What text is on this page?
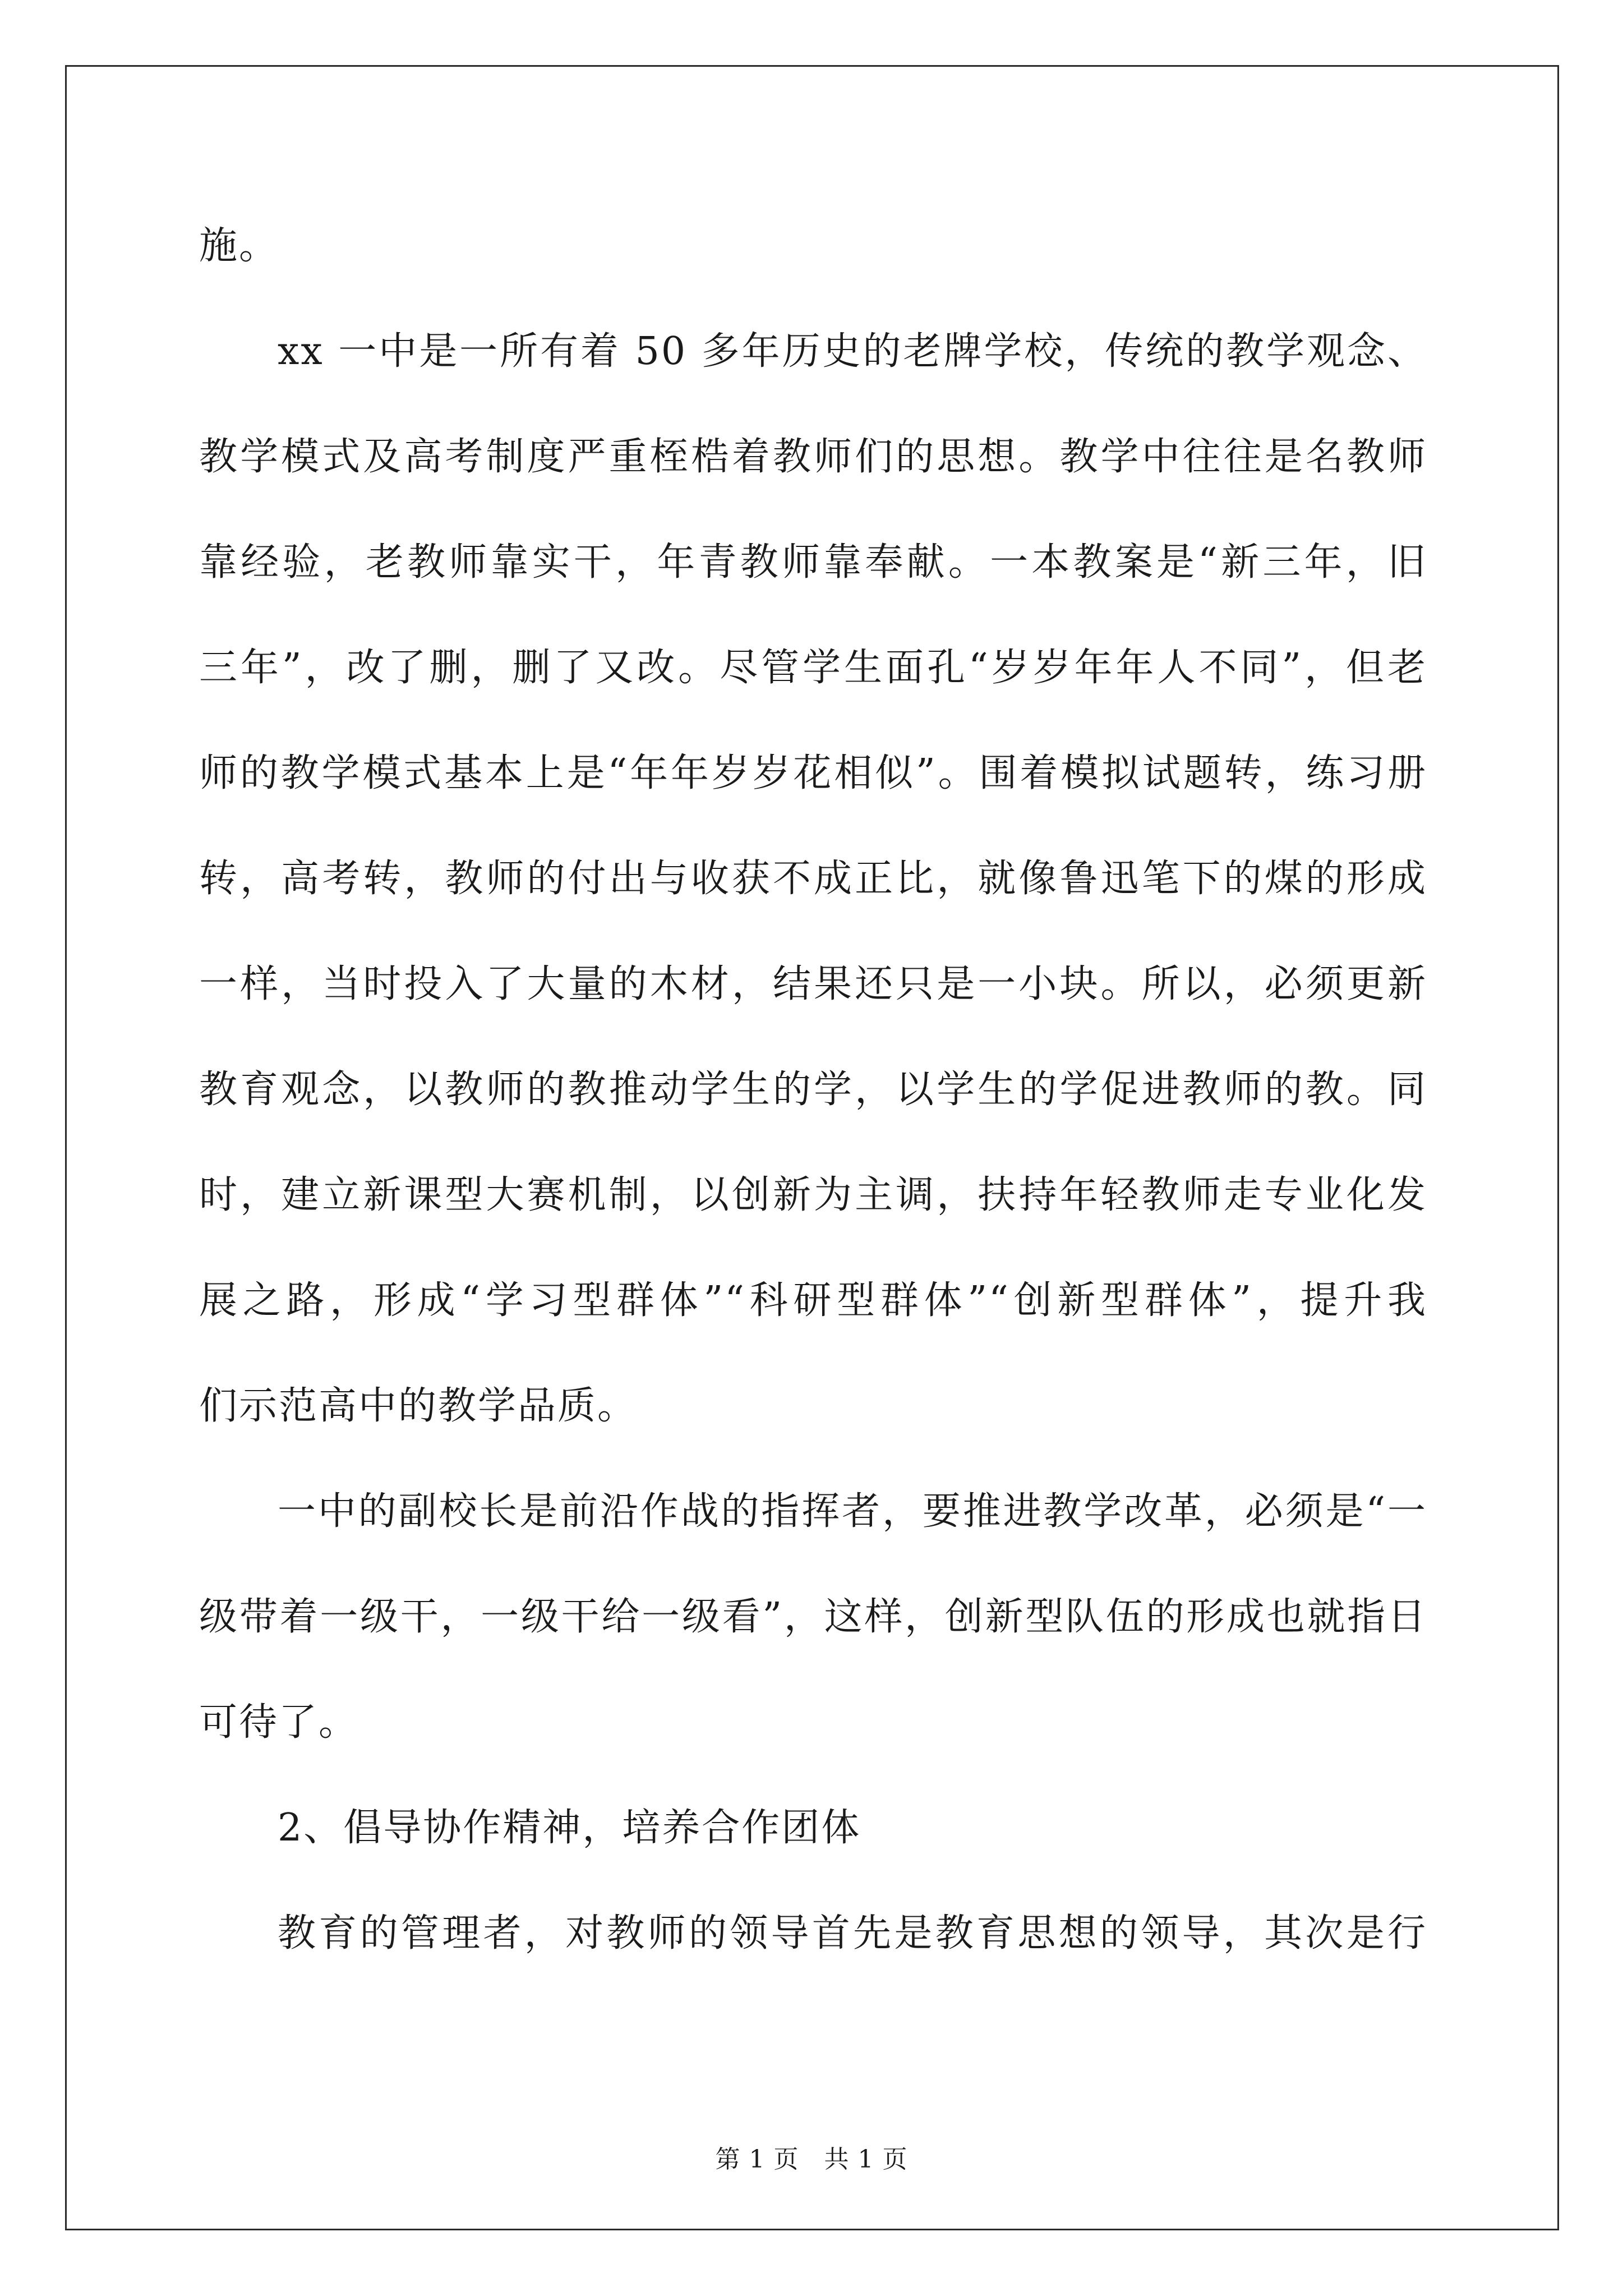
施。
xx 一中是一所有着 50 多年历史的老牌学校，传统的教学观念、
教学模式及高考制度严重桎梏着教师们的思想。教学中往往是名教师
靠经验，老教师靠实干，年青教师靠奉献。一本教案是“新三年，旧
三年”，改了删，删了又改。尽管学生面孔“岁岁年年人不同”，但老
师的教学模式基本上是“年年岁岁花相似”。围着模拟试题转，练习册
转，高考转，教师的付出与收获不成正比，就像鲁迅笔下的煤的形成
一样，当时投入了大量的木材，结果还只是一小块。所以，必须更新
教育观念，以教师的教推动学生的学，以学生的学促进教师的教。同
时，建立新课型大赛机制，以创新为主调，扶持年轻教师走专业化发
展之路，形成“学习型群体”“科研型群体”“创新型群体”，提升我
们示范高中的教学品质。
一中的副校长是前沿作战的指挥者，要推进教学改革，必须是“一
级带着一级干，一级干给一级看”，这样，创新型队伍的形成也就指日
可待了。
2、倡导协作精神，培养合作团体
教育的管理者，对教师的领导首先是教育思想的领导，其次是行
第 1 页　共 1 页
